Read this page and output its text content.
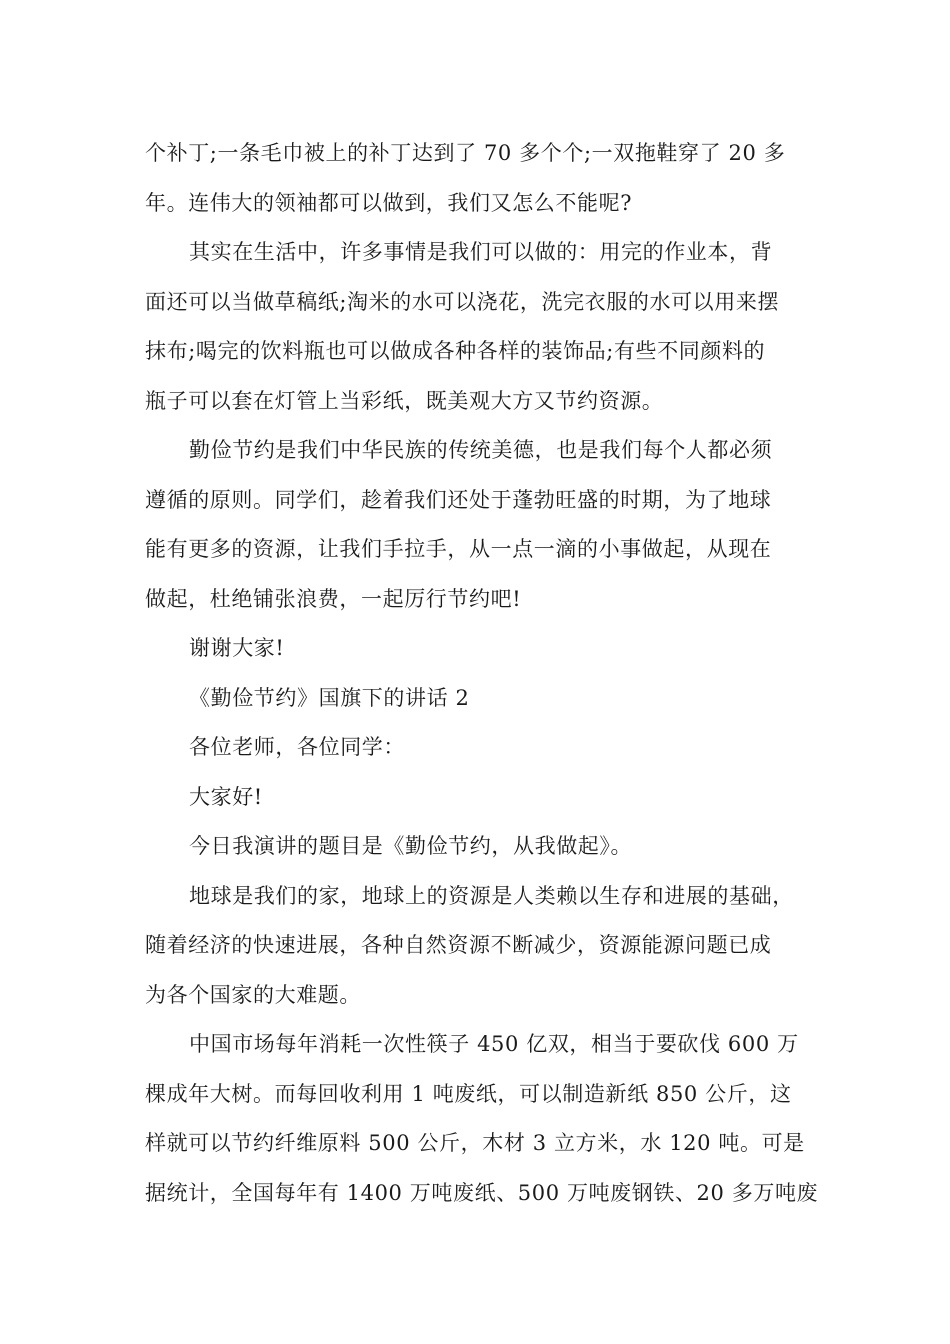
个补丁;一条毛巾被上的补丁达到了 70 多个个;一双拖鞋穿了 20 多
年。连伟大的领袖都可以做到，我们又怎么不能呢?
其实在生活中，许多事情是我们可以做的：用完的作业本，背
面还可以当做草稿纸;淘米的水可以浇花，洗完衣服的水可以用来摆
抹布;喝完的饮料瓶也可以做成各种各样的装饰品;有些不同颜料的
瓶子可以套在灯管上当彩纸，既美观大方又节约资源。
勤俭节约是我们中华民族的传统美德，也是我们每个人都必须
遵循的原则。同学们，趁着我们还处于蓬勃旺盛的时期，为了地球
能有更多的资源，让我们手拉手，从一点一滴的小事做起，从现在
做起，杜绝铺张浪费，一起厉行节约吧!
谢谢大家!
《勤俭节约》国旗下的讲话 2
各位老师，各位同学：
大家好!
今日我演讲的题目是《勤俭节约，从我做起》。
地球是我们的家，地球上的资源是人类赖以生存和进展的基础，
随着经济的快速进展，各种自然资源不断减少，资源能源问题已成
为各个国家的大难题。
中国市场每年消耗一次性筷子 450 亿双，相当于要砍伐 600 万
棵成年大树。而每回收利用 1 吨废纸，可以制造新纸 850 公斤，这
样就可以节约纤维原料 500 公斤，木材 3 立方米，水 120 吨。可是
据统计，全国每年有 1400 万吨废纸、500 万吨废钢铁、20 多万吨废
